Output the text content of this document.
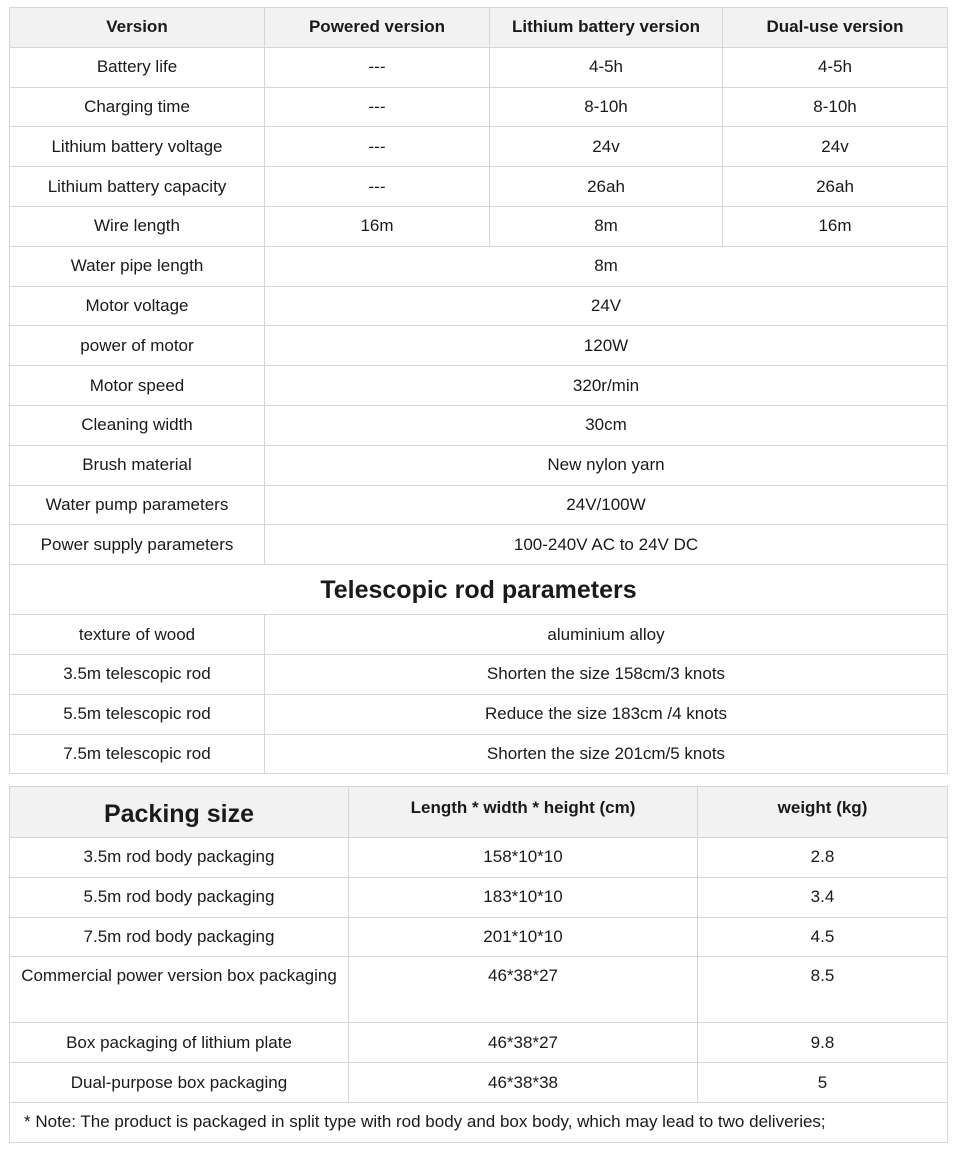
Version	Powered version	Lithium battery version	Dual-use version
Battery life	---	4-5h	4-5h
Charging time	---	8-10h	8-10h
Lithium battery voltage	---	24v	24v
Lithium battery capacity	---	26ah	26ah
Wire length	16m	8m	16m
Water pipe length	8m		
Motor voltage	24V		
power of motor	120W		
Motor speed	320r/min		
Cleaning width	30cm		
Brush material	New nylon yarn		
Water pump parameters	24V/100W		
Power supply parameters	100-240V AC to 24V DC		
Telescopic rod parameters			
texture of wood	aluminium alloy		
3.5m telescopic rod	Shorten the size 158cm/3 knots		
5.5m telescopic rod	Reduce the size 183cm /4 knots		
7.5m telescopic rod	Shorten the size 201cm/5 knots		
Packing size	Length * width * height (cm)	weight (kg)
3.5m rod body packaging	158*10*10	2.8
5.5m rod body packaging	183*10*10	3.4
7.5m rod body packaging	201*10*10	4.5
Commercial power version box packaging	46*38*27	8.5
Box packaging of lithium plate	46*38*27	9.8
Dual-purpose box packaging	46*38*38	5
* Note: The product is packaged in split type with rod body and box body, which may lead to two deliveries;		
